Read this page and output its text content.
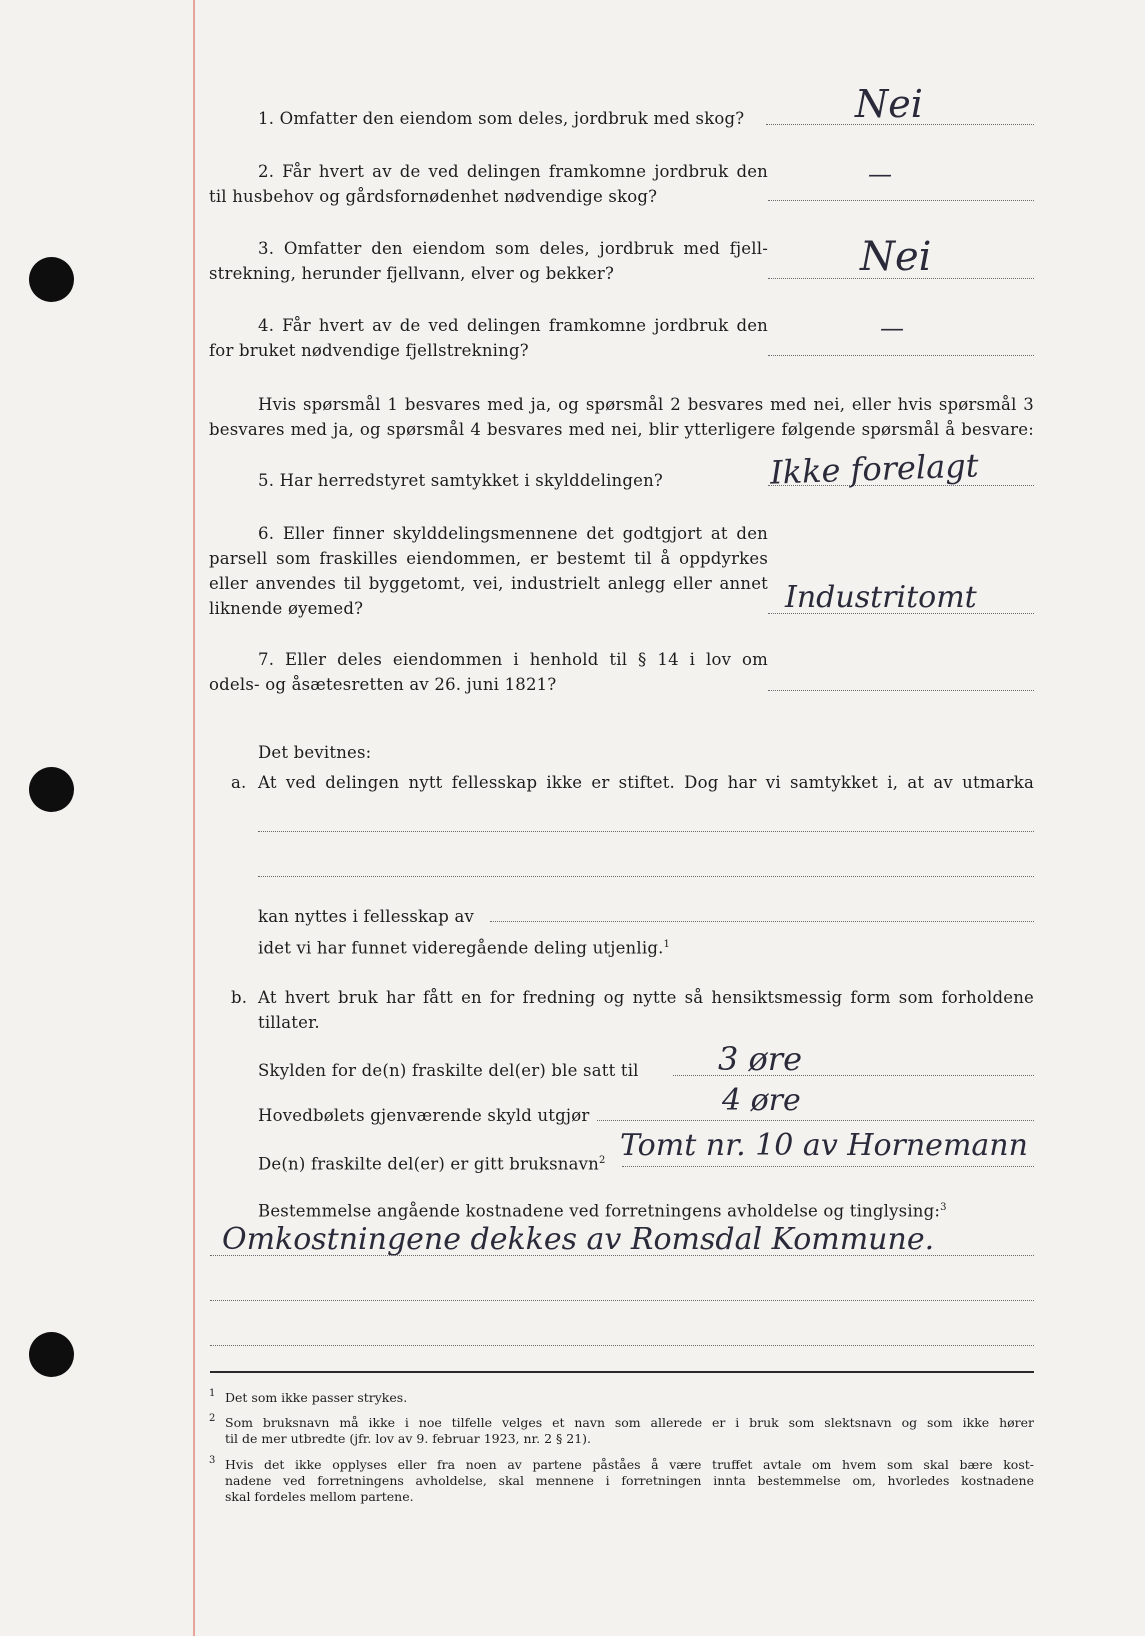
1. Omfatter den eiendom som deles, jordbruk med skog?	Nei
2. Får hvert av de ved delingen framkomne jordbruk den
til husbehov og gårdsfornødenhet nødvendige skog?
—
3. Omfatter den eiendom som deles, jordbruk med fjell-
strekning, herunder fjellvann, elver og bekker?	Nei
4. Får hvert av de ved delingen framkomne jordbruk den
for bruket nødvendige fjellstrekning?
—
Hvis spørsmål 1 besvares med ja, og spørsmål 2 besvares med nei, eller hvis spørsmål 3
besvares med ja, og spørsmål 4 besvares med nei, blir ytterligere følgende spørsmål å besvare:
5. Har herredstyret samtykket i skylddelingen?	Ikke forelagt
6. Eller finner skylddelingsmennene det godtgjort at den
parsell som fraskilles eiendommen, er bestemt til å oppdyrkes
eller anvendes til byggetomt, vei, industrielt anlegg eller annet
liknende øyemed?	Industritomt
7. Eller deles eiendommen i henhold til § 14 i lov om
odels- og åsætesretten av 26. juni 1821?
Det bevitnes:
a. At ved delingen nytt fellesskap ikke er stiftet. Dog har vi samtykket i, at av utmarka
kan nyttes i fellesskap av
idet vi har funnet videregående deling utjenlig.$^1$
b. At hvert bruk har fått en for fredning og nytte så hensiktsmessig form som forholdene
tillater.
Skylden for de(n) fraskilte del(er) ble satt til 3 øre
Hovedbølets gjenværende skyld utgjør	4 øre
De(n) fraskilte del(er) er gitt bruksnavn$^2$ Tomt nr. 10 av Hornemann
Bestemmelse angående kostnadene ved forretningens avholdelse og tinglysing:$^3$
Omkostningene dekkes av Romsdal Kommune.
1 Det som ikke passer strykes.
2 Som bruksnavn må ikke i noe tilfelle velges et navn som allerede er i bruk som slektsnavn og som ikke hører
til de mer utbredte (jfr. lov av 9. februar 1923, nr. 2 § 21).
3 Hvis det ikke opplyses eller fra noen av partene påståes å være truffet avtale om hvem som skal bære kost-
nadene ved forretningens avholdelse, skal mennene i forretningen innta bestemmelse om, hvorledes kostnadene
skal fordeles mellom partene.
